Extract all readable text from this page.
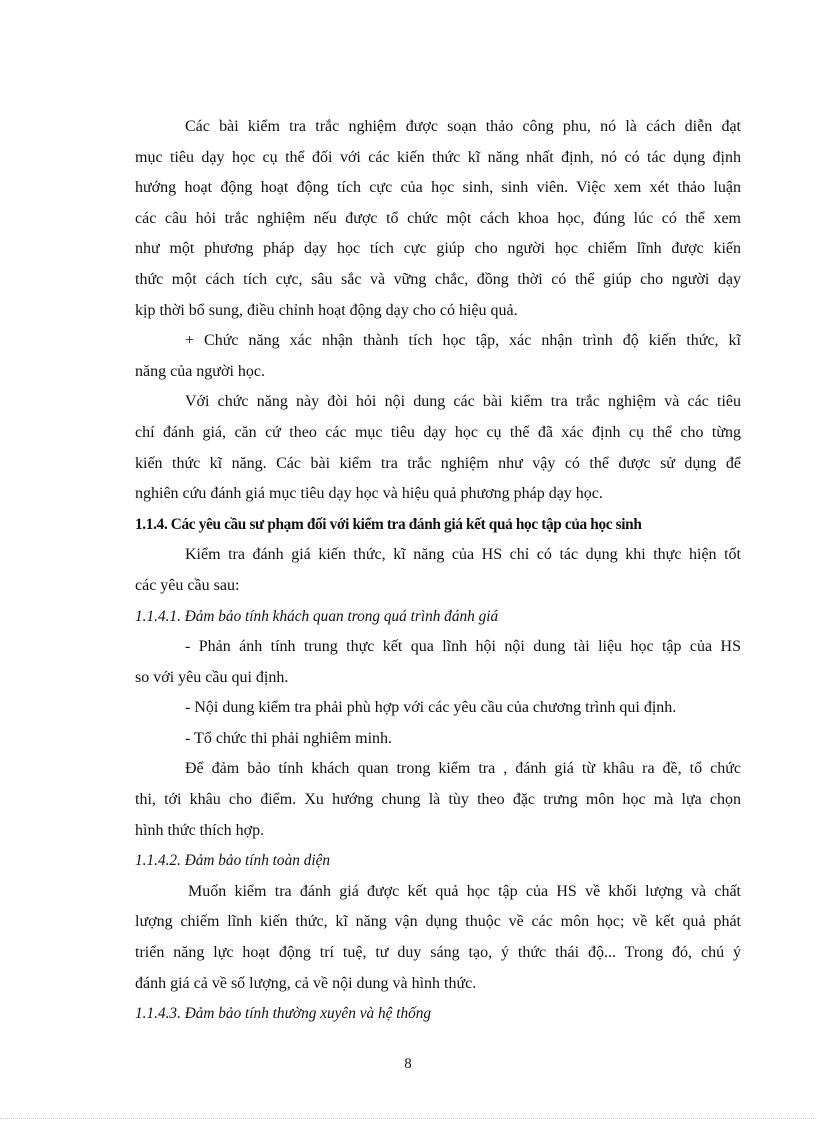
Các bài kiểm tra trắc nghiệm được soạn thảo công phu, nó là cách diễn đạt
mục tiêu dạy học cụ thể đối với các kiến thức kĩ năng nhất định, nó có tác dụng định
hướng hoạt động hoạt động tích cực của học sinh, sinh viên. Việc xem xét thảo luận
các câu hỏi trắc nghiệm nếu được tổ chức một cách khoa học, đúng lúc có thể xem
như một phương pháp dạy học tích cực giúp cho người học chiếm lĩnh được kiến
thức một cách tích cực, sâu sắc và vững chắc, đồng thời có thể giúp cho người dạy
kịp thời bổ sung, điều chỉnh hoạt động dạy cho có hiệu quả.
+ Chức năng xác nhận thành tích học tập, xác nhận trình độ kiến thức, kĩ
năng của người học.
Với chức năng này đòi hỏi nội dung các bài kiểm tra trắc nghiệm và các tiêu
chí đánh giá, căn cứ theo các mục tiêu dạy học cụ thể đã xác định cụ thể cho từng
kiến thức kĩ năng. Các bài kiểm tra trắc nghiệm như vậy có thể được sử dụng để
nghiên cứu đánh giá mục tiêu dạy học và hiệu quả phương pháp dạy học.
1.1.4. Các yêu cầu sư phạm đối với kiểm tra đánh giá kết quả học tập của học sinh
Kiểm tra đánh giá kiến thức, kĩ năng của HS chỉ có tác dụng khi thực hiện tốt
các yêu cầu sau:
1.1.4.1. Đảm bảo tính khách quan trong quá trình đánh giá
- Phản ánh tính trung thực kết qua lĩnh hội nội dung tài liệu học tập của HS
so với yêu cầu qui định.
- Nội dung kiểm tra phải phù hợp với các yêu cầu của chương trình qui định.
- Tổ chức thi phải nghiêm minh.
Để đảm bảo tính khách quan trong kiểm tra , đánh giá từ khâu ra đề, tổ chức
thi, tới khâu cho điểm. Xu hướng chung là tùy theo đặc trưng môn học mà lựa chọn
hình thức thích hợp.
1.1.4.2. Đảm bảo tính toàn diện
Muốn kiểm tra đánh giá được kết quả học tập của HS về khối lượng và chất
lượng chiếm lĩnh kiến thức, kĩ năng vận dụng thuộc về các môn học; về kết quả phát
triển năng lực hoạt động trí tuệ, tư duy sáng tạo, ý thức thái độ... Trong đó, chú ý
đánh giá cả về số lượng, cả về nội dung và hình thức.
1.1.4.3. Đảm bảo tính thường xuyên và hệ thống
8
